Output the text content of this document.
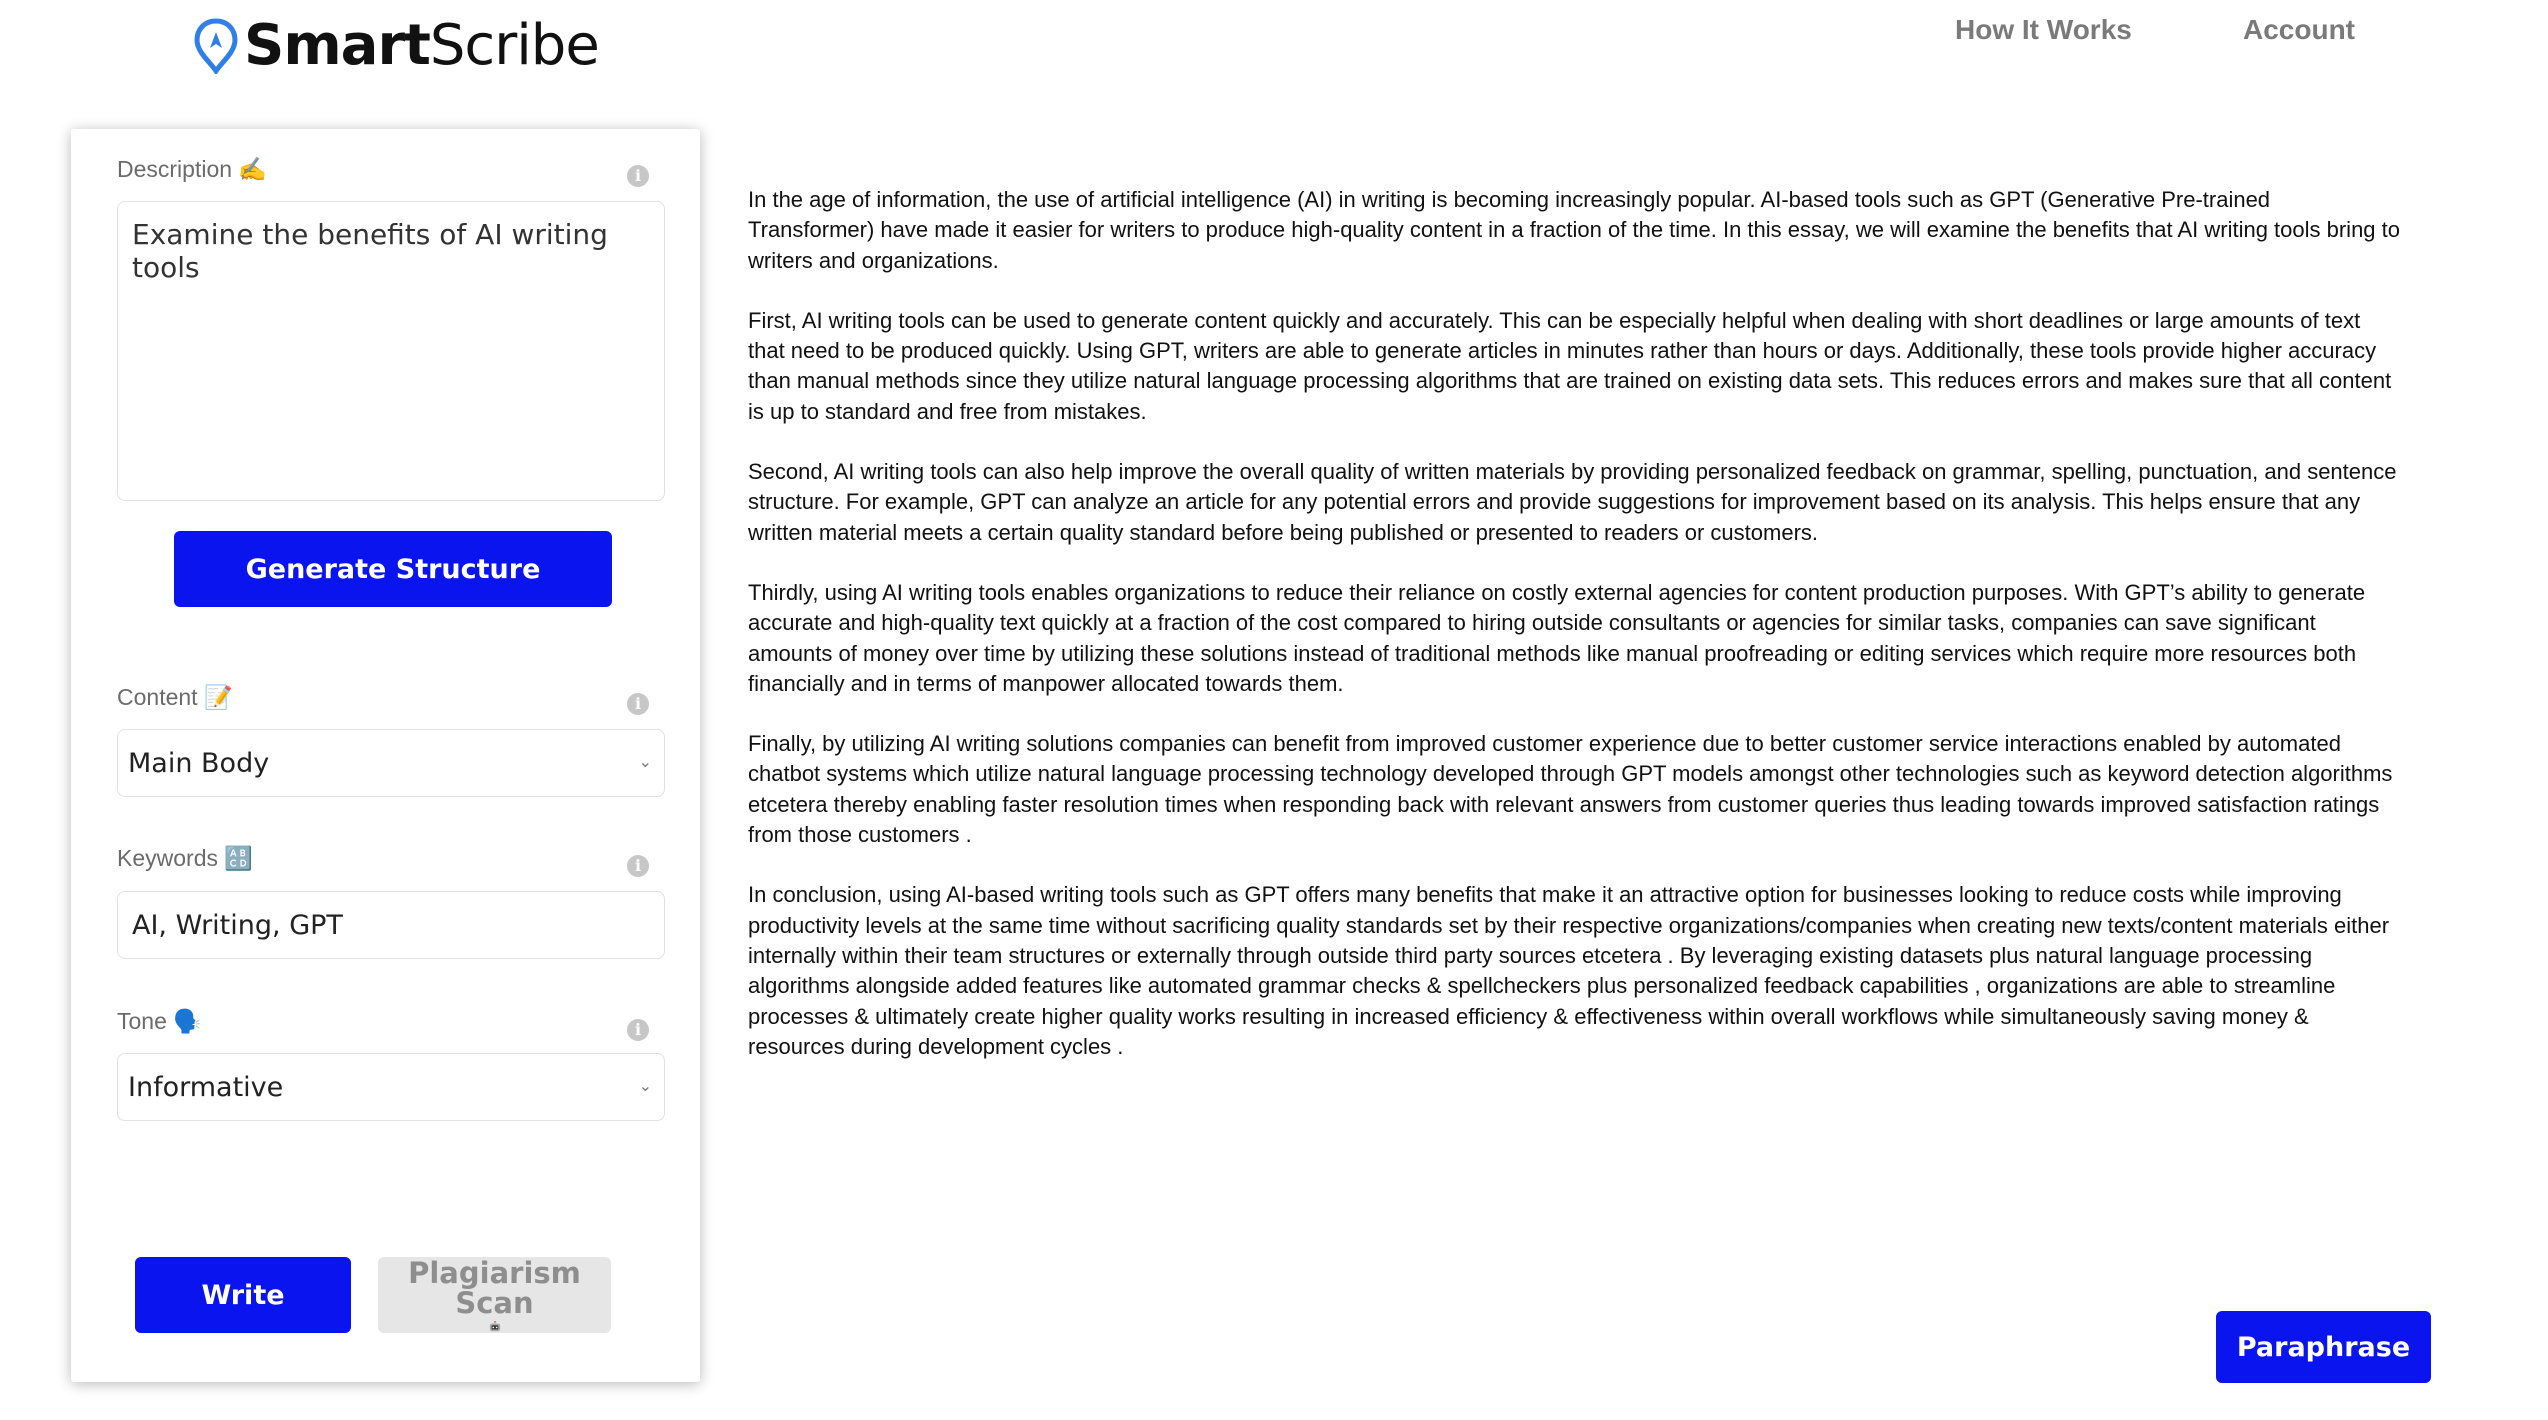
SmartScribe	How It Works	Account
Description ✍️	i
Examine the benefits of AI writing tools
Generate Structure
Content 📝	i
Main Body	⌄
Keywords 🔠	i
AI, Writing, GPT
Tone 🗣️	i
Informative	⌄
Write
Plagiarism Scan

In the age of information, the use of artificial intelligence (AI) in writing is becoming increasingly popular. AI-based tools such as GPT (Generative Pre-trained Transformer) have made it easier for writers to produce high-quality content in a fraction of the time. In this essay, we will examine the benefits that AI writing tools bring to writers and organizations.

First, AI writing tools can be used to generate content quickly and accurately. This can be especially helpful when dealing with short deadlines or large amounts of text that need to be produced quickly. Using GPT, writers are able to generate articles in minutes rather than hours or days. Additionally, these tools provide higher accuracy than manual methods since they utilize natural language processing algorithms that are trained on existing data sets. This reduces errors and makes sure that all content is up to standard and free from mistakes.

Second, AI writing tools can also help improve the overall quality of written materials by providing personalized feedback on grammar, spelling, punctuation, and sentence structure. For example, GPT can analyze an article for any potential errors and provide suggestions for improvement based on its analysis. This helps ensure that any written material meets a certain quality standard before being published or presented to readers or customers.

Thirdly, using AI writing tools enables organizations to reduce their reliance on costly external agencies for content production purposes. With GPT’s ability to generate accurate and high-quality text quickly at a fraction of the cost compared to hiring outside consultants or agencies for similar tasks, companies can save significant amounts of money over time by utilizing these solutions instead of traditional methods like manual proofreading or editing services which require more resources both financially and in terms of manpower allocated towards them.

Finally, by utilizing AI writing solutions companies can benefit from improved customer experience due to better customer service interactions enabled by automated chatbot systems which utilize natural language processing technology developed through GPT models amongst other technologies such as keyword detection algorithms etcetera thereby enabling faster resolution times when responding back with relevant answers from customer queries thus leading towards improved satisfaction ratings from those customers .

In conclusion, using AI-based writing tools such as GPT offers many benefits that make it an attractive option for businesses looking to reduce costs while improving productivity levels at the same time without sacrificing quality standards set by their respective organizations/companies when creating new texts/content materials either internally within their team structures or externally through outside third party sources etcetera . By leveraging existing datasets plus natural language processing algorithms alongside added features like automated grammar checks & spellcheckers plus personalized feedback capabilities , organizations are able to streamline processes & ultimately create higher quality works resulting in increased efficiency & effectiveness within overall workflows while simultaneously saving money & resources during development cycles .

Paraphrase
